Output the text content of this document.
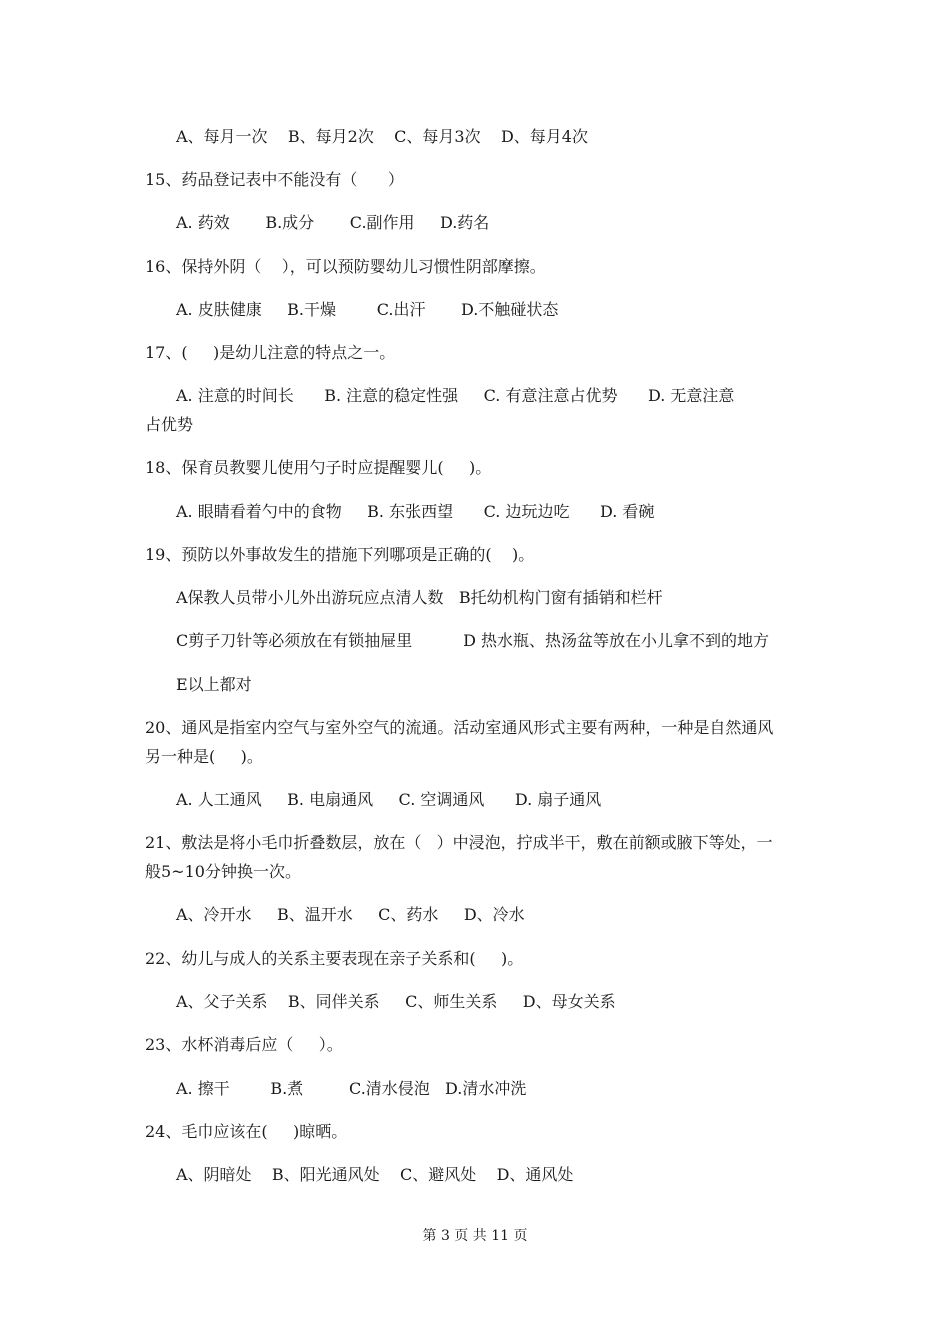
A、每月一次    B、每月2次    C、每月3次    D、每月4次
15、药品登记表中不能没有（      ）
A. 药效       B.成分       C.副作用     D.药名
16、保持外阴（    ），可以预防婴幼儿习惯性阴部摩擦。
A. 皮肤健康     B.干燥        C.出汗       D.不触碰状态
17、(     )是幼儿注意的特点之一。
A. 注意的时间长      B. 注意的稳定性强     C. 有意注意占优势      D. 无意注意
占优势
18、保育员教婴儿使用勺子时应提醒婴儿(     )。
A. 眼睛看着勺中的食物     B. 东张西望      C. 边玩边吃      D. 看碗
19、预防以外事故发生的措施下列哪项是正确的(    )。
A保教人员带小儿外出游玩应点清人数   B托幼机构门窗有插销和栏杆
C剪子刀针等必须放在有锁抽屉里          D 热水瓶、热汤盆等放在小儿拿不到的地方
E以上都对
20、通风是指室内空气与室外空气的流通。活动室通风形式主要有两种，一种是自然通风
另一种是(     )。
A. 人工通风     B. 电扇通风     C. 空调通风      D. 扇子通风
21、敷法是将小毛巾折叠数层，放在（   ）中浸泡，拧成半干，敷在前额或腋下等处，一
般5~10分钟换一次。
A、冷开水     B、温开水     C、药水     D、冷水
22、幼儿与成人的关系主要表现在亲子关系和(     )。
A、父子关系    B、同伴关系     C、师生关系     D、母女关系
23、水杯消毒后应（     ）。
A. 擦干        B.煮         C.清水侵泡   D.清水冲洗
24、毛巾应该在(     )晾晒。
A、阴暗处    B、阳光通风处    C、避风处    D、通风处
第 3 页 共 11 页
